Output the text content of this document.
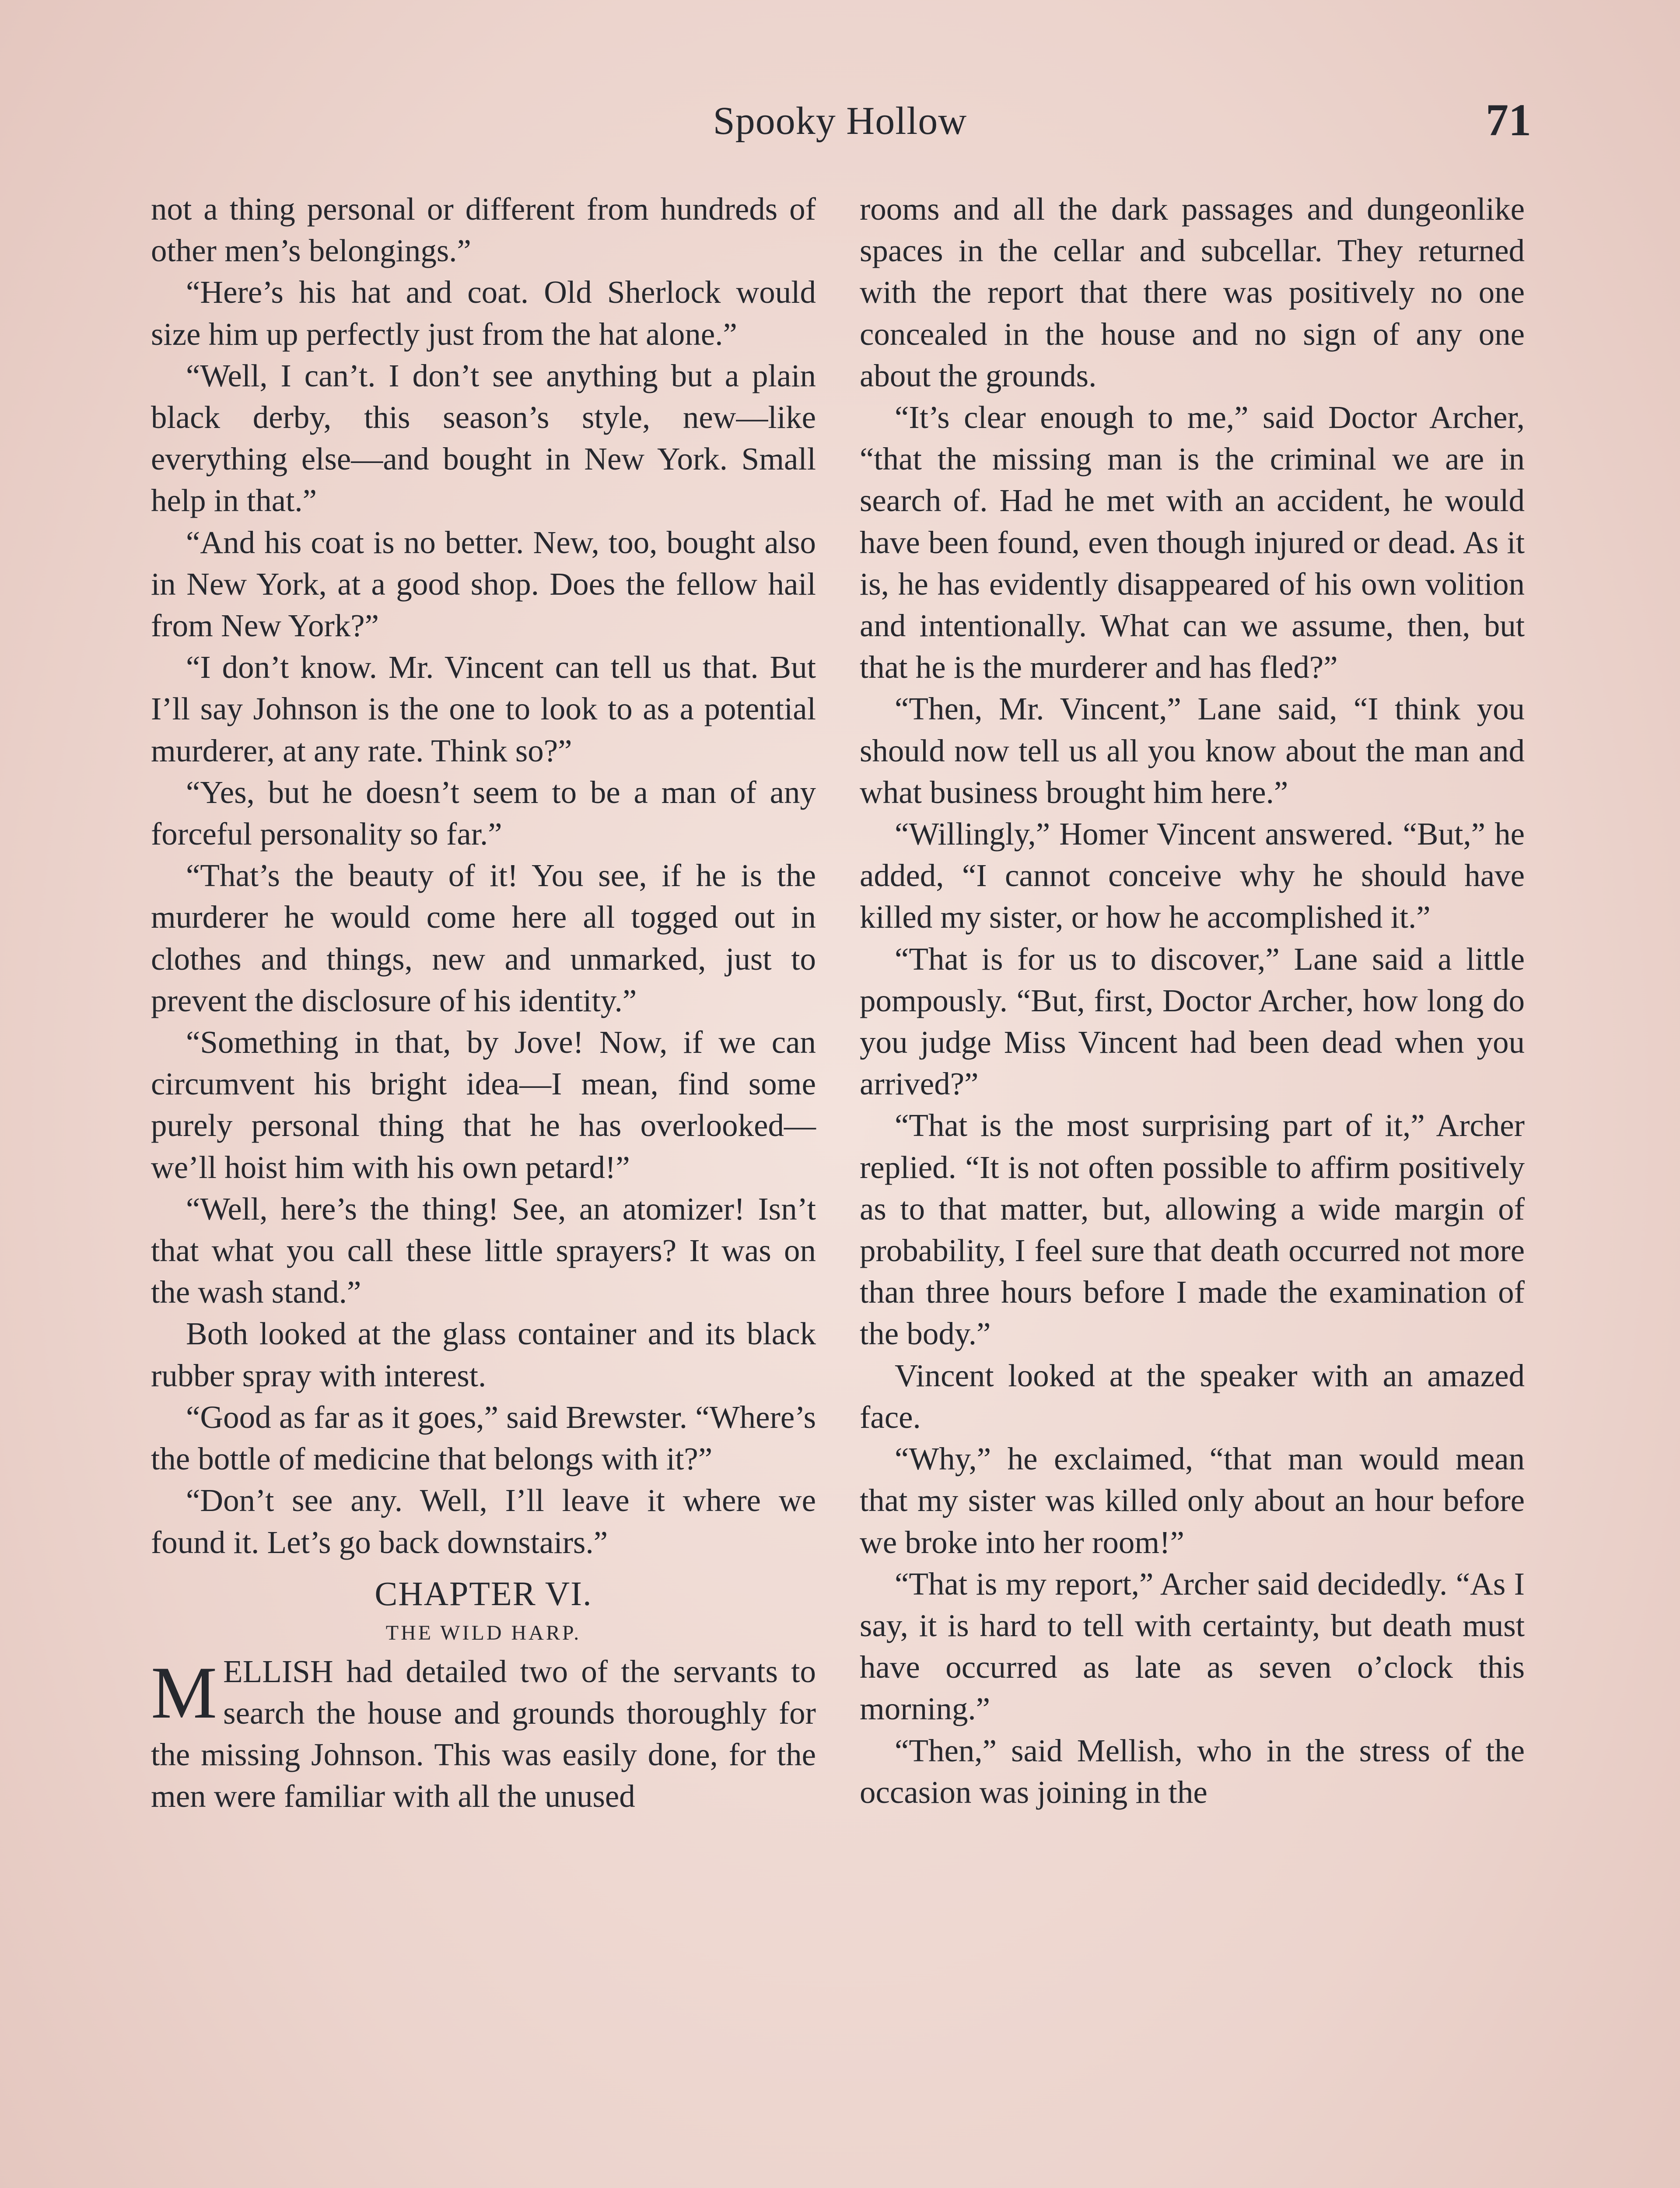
Spooky Hollow	71

not a thing personal or different from hundreds of other men’s belongings.”

“Here’s his hat and coat. Old Sherlock would size him up perfectly just from the hat alone.”

“Well, I can’t. I don’t see anything but a plain black derby, this season’s style, new—like everything else—and bought in New York. Small help in that.”

“And his coat is no better. New, too, bought also in New York, at a good shop. Does the fellow hail from New York?”

“I don’t know. Mr. Vincent can tell us that. But I’ll say Johnson is the one to look to as a potential murderer, at any rate. Think so?”

“Yes, but he doesn’t seem to be a man of any forceful personality so far.”

“That’s the beauty of it! You see, if he is the murderer he would come here all togged out in clothes and things, new and unmarked, just to prevent the disclosure of his identity.”

“Something in that, by Jove! Now, if we can circumvent his bright idea—I mean, find some purely personal thing that he has overlooked—we’ll hoist him with his own petard!”

“Well, here’s the thing! See, an atomizer! Isn’t that what you call these little sprayers? It was on the wash stand.”

Both looked at the glass container and its black rubber spray with interest.

“Good as far as it goes,” said Brewster. “Where’s the bottle of medicine that belongs with it?”

“Don’t see any. Well, I’ll leave it where we found it. Let’s go back downstairs.”

CHAPTER VI.
THE WILD HARP.

MELLISH had detailed two of the servants to search the house and grounds thoroughly for the missing Johnson. This was easily done, for the men were familiar with all the unused

rooms and all the dark passages and dungeonlike spaces in the cellar and subcellar. They returned with the report that there was positively no one concealed in the house and no sign of any one about the grounds.

“It’s clear enough to me,” said Doctor Archer, “that the missing man is the criminal we are in search of. Had he met with an accident, he would have been found, even though injured or dead. As it is, he has evidently disappeared of his own volition and intentionally. What can we assume, then, but that he is the murderer and has fled?”

“Then, Mr. Vincent,” Lane said, “I think you should now tell us all you know about the man and what business brought him here.”

“Willingly,” Homer Vincent answered. “But,” he added, “I cannot conceive why he should have killed my sister, or how he accomplished it.”

“That is for us to discover,” Lane said a little pompously. “But, first, Doctor Archer, how long do you judge Miss Vincent had been dead when you arrived?”

“That is the most surprising part of it,” Archer replied. “It is not often possible to affirm positively as to that matter, but, allowing a wide margin of probability, I feel sure that death occurred not more than three hours before I made the examination of the body.”

Vincent looked at the speaker with an amazed face.

“Why,” he exclaimed, “that man would mean that my sister was killed only about an hour before we broke into her room!”

“That is my report,” Archer said decidedly. “As I say, it is hard to tell with certainty, but death must have occurred as late as seven o’clock this morning.”

“Then,” said Mellish, who in the stress of the occasion was joining in the
